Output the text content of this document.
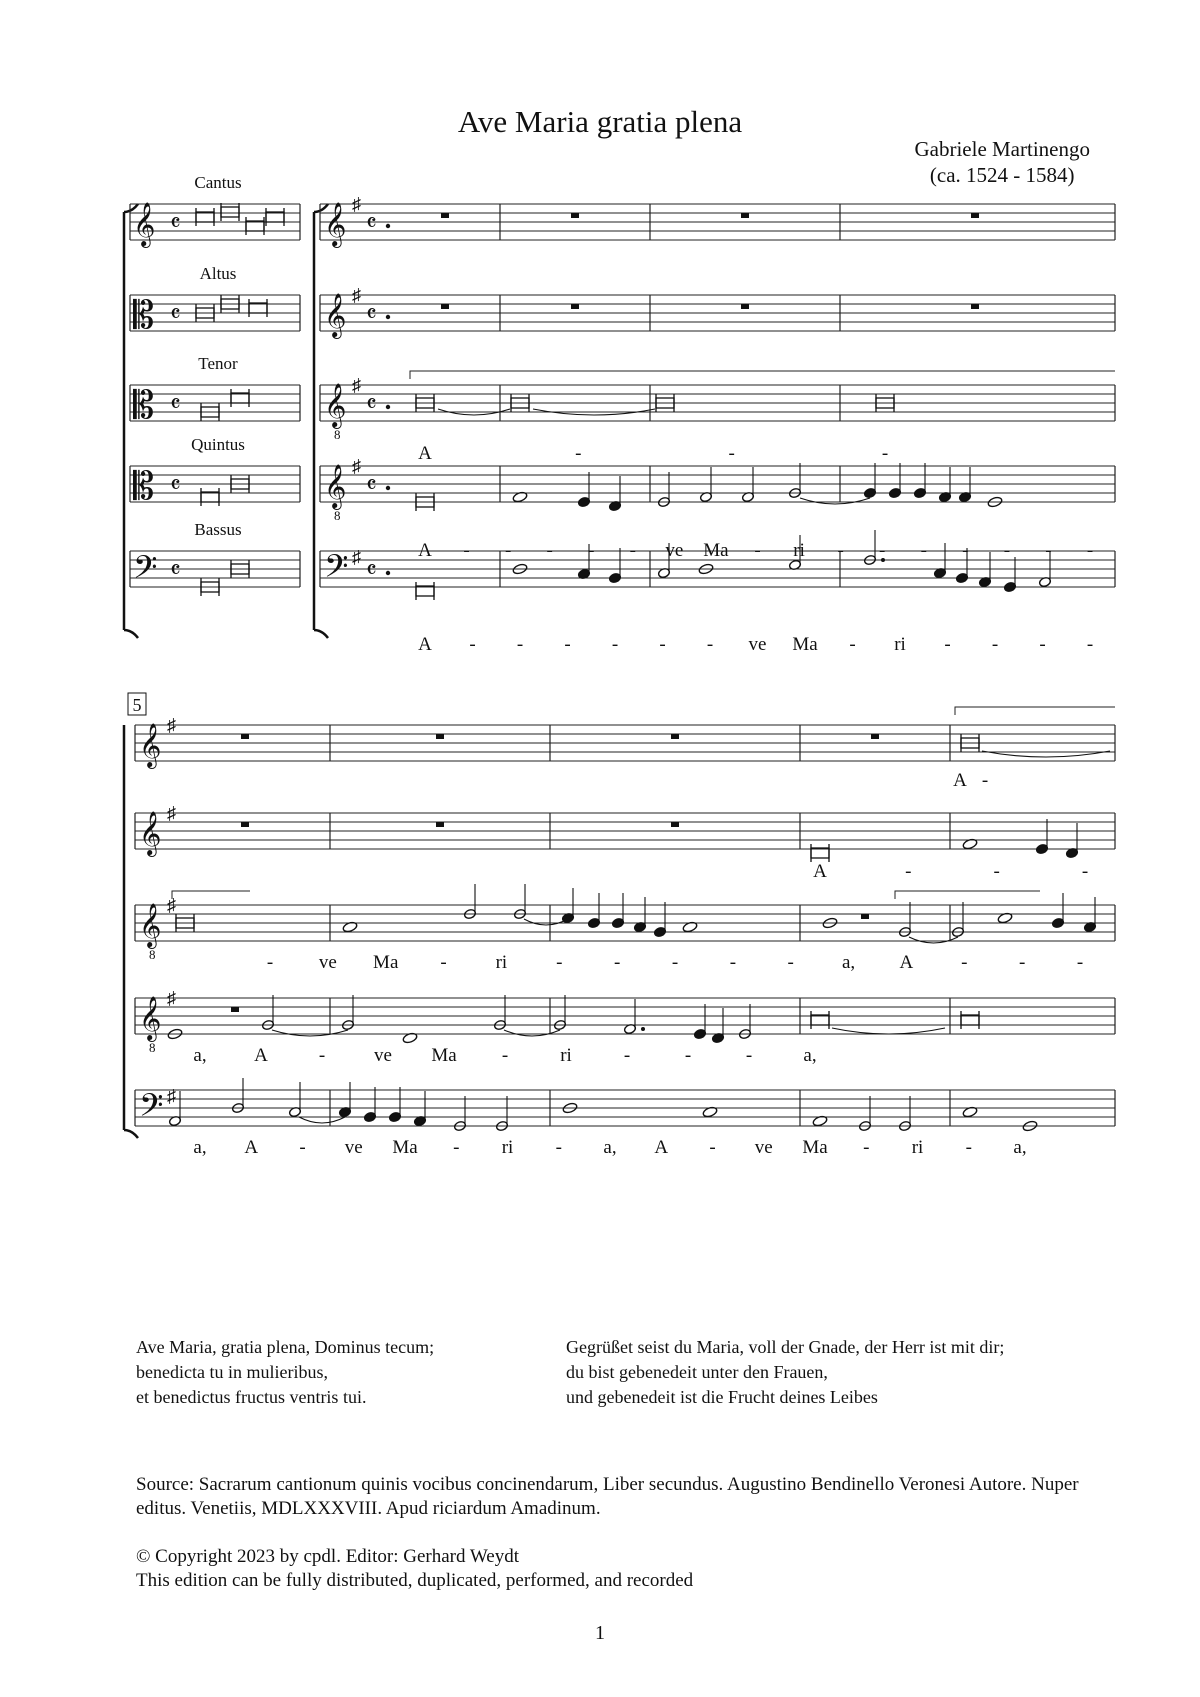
Ave Maria gratia plena
Gabriele Martinengo
(ca. 1524 - 1584)
𝄞 𝄴	𝄞 ♯
𝄴
𝄡 𝄴	𝄞 ♯
𝄴
𝄡 𝄴	𝄞 ♯
𝄴
𝄡 𝄴	𝄞 ♯
𝄴
𝄢 𝄴	𝄢 ♯
𝄴
8
8
𝄞 ♯
𝄞 ♯
𝄞 ♯
𝄞 ♯
𝄢 ♯
8
8
Cantus
Altus
Tenor
Quintus
Bassus
A	-	-	-
A - - - - - ve Ma - ri - - - - - - -
A - - - - - - ve Ma - ri - - - -
5
A -
A	-	-	-
- ve Ma -	ri	-	-	-	-	-	a, A	-	-	-
a,	A	-	ve Ma -	ri	-	-	-	a,
a, A - ve Ma - ri - a, A - ve Ma - ri - a,
Ave Maria, gratia plena, Dominus tecum;
benedicta tu in mulieribus,
et benedictus fructus ventris tui.
Gegrüßet seist du Maria, voll der Gnade, der Herr ist mit dir;
du bist gebenedeit unter den Frauen,
und gebenedeit ist die Frucht deines Leibes
Source: Sacrarum cantionum quinis vocibus concinendarum, Liber secundus. Augustino Bendinello Veronesi Autore. Nuper editus. Venetiis, MDLXXXVIII. Apud riciardum Amadinum.
© Copyright 2023 by cpdl. Editor: Gerhard Weydt
This edition can be fully distributed, duplicated, performed, and recorded
1
